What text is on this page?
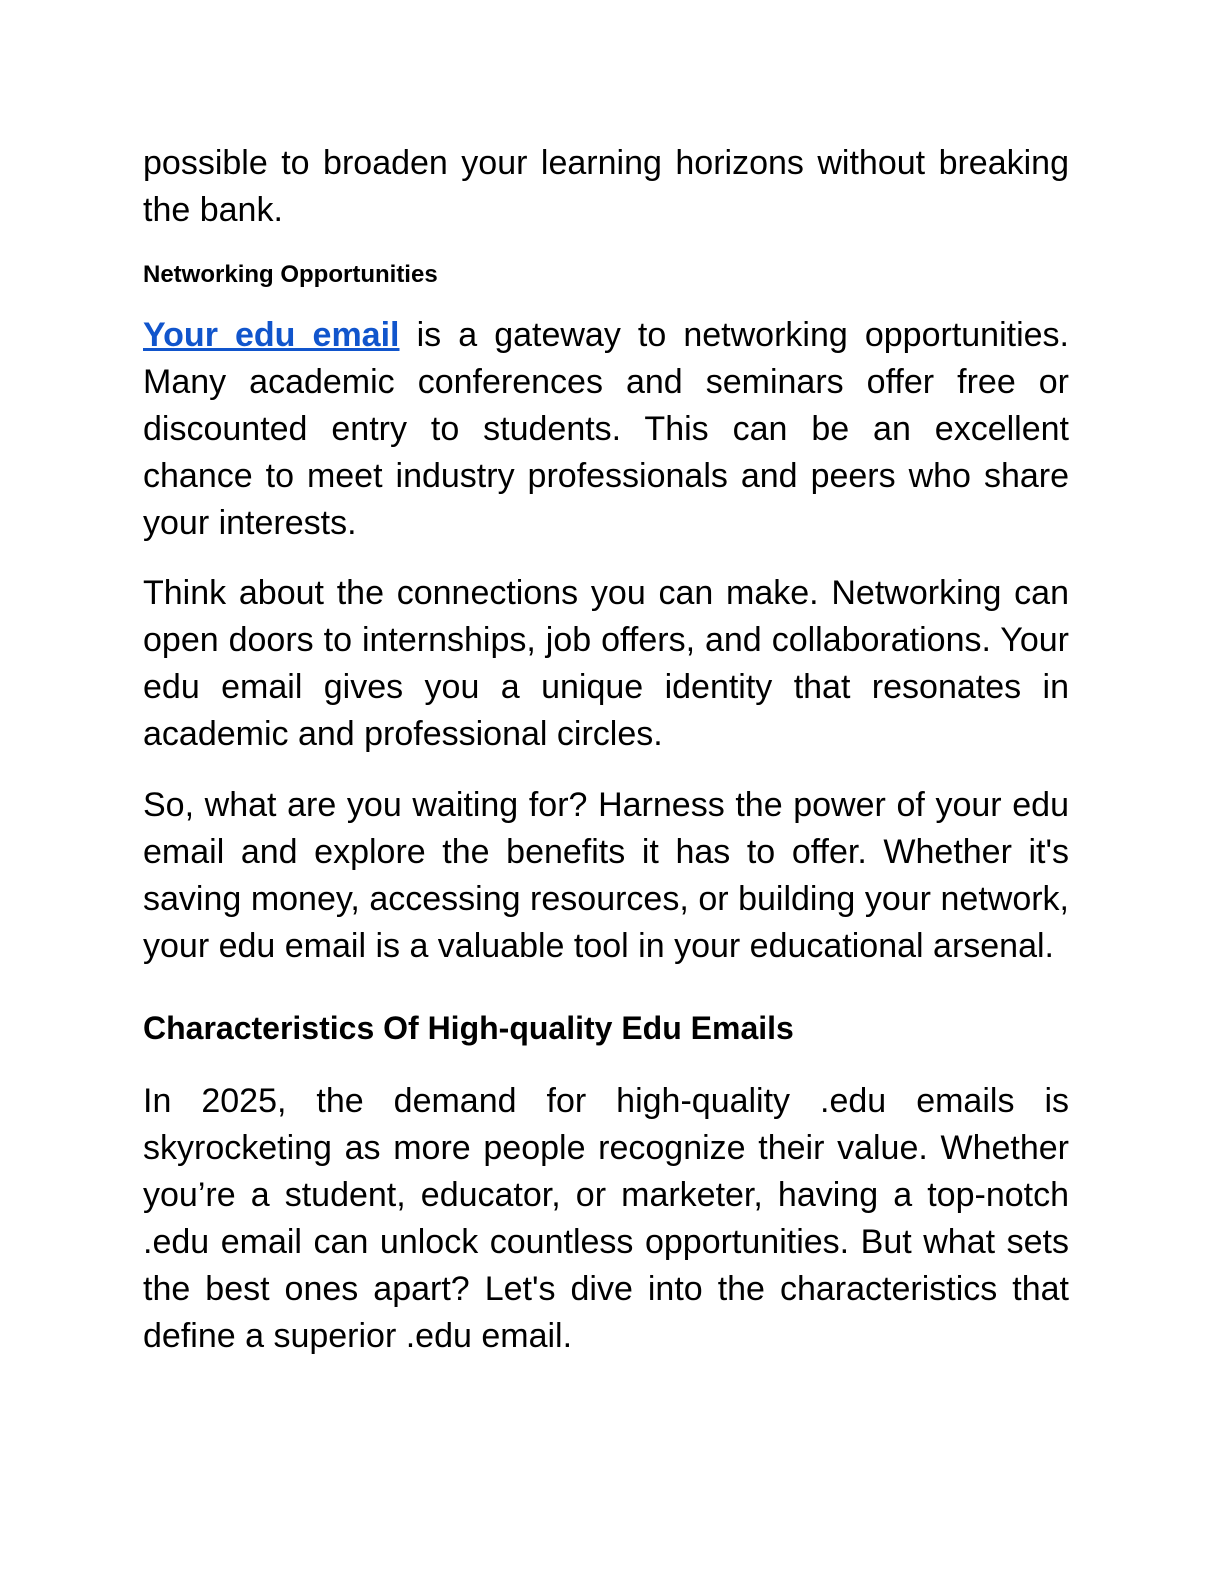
possible to broaden your learning horizons without breaking the bank.

Networking Opportunities

Your edu email is a gateway to networking opportunities. Many academic conferences and seminars offer free or discounted entry to students. This can be an excellent chance to meet industry professionals and peers who share your interests.

Think about the connections you can make. Networking can open doors to internships, job offers, and collaborations. Your edu email gives you a unique identity that resonates in academic and professional circles.

So, what are you waiting for? Harness the power of your edu email and explore the benefits it has to offer. Whether it's saving money, accessing resources, or building your network, your edu email is a valuable tool in your educational arsenal.

Characteristics Of High-quality Edu Emails

In 2025, the demand for high-quality .edu emails is skyrocketing as more people recognize their value. Whether you’re a student, educator, or marketer, having a top-notch .edu email can unlock countless opportunities. But what sets the best ones apart? Let's dive into the characteristics that define a superior .edu email.
